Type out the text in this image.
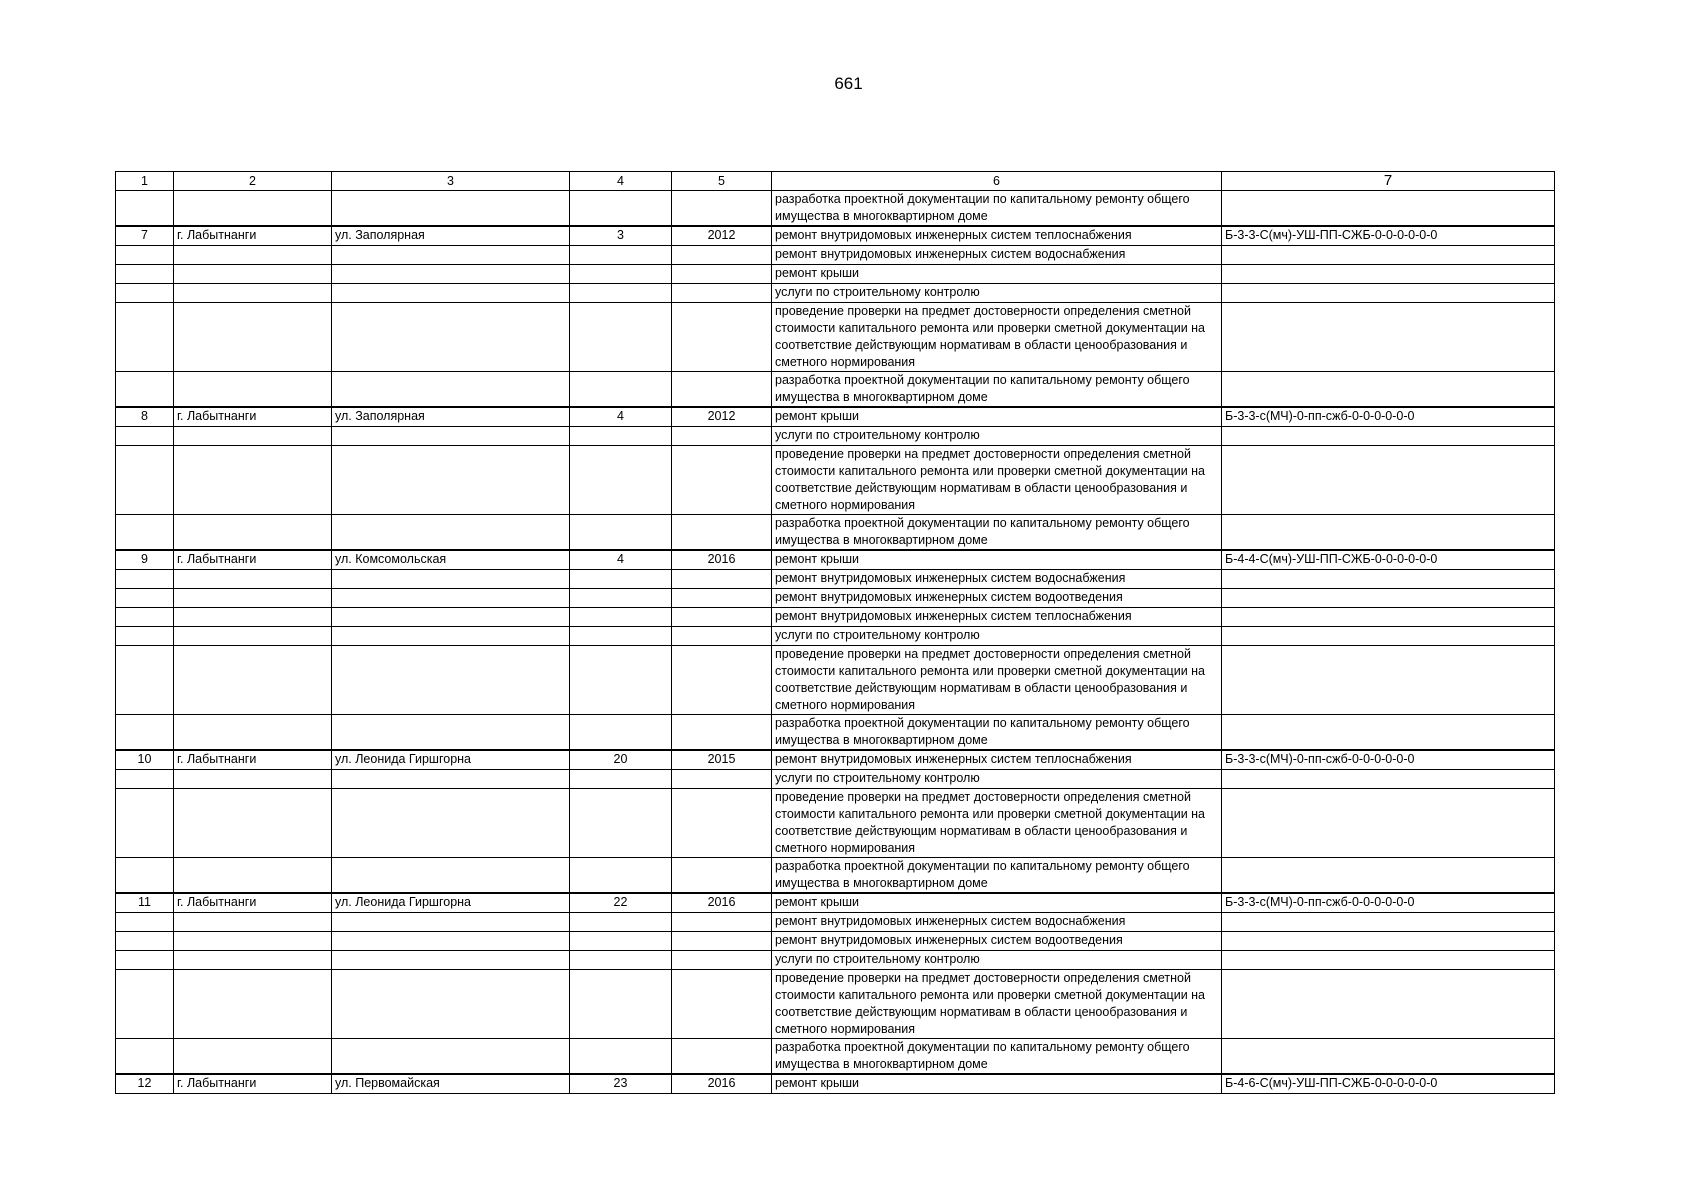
661
1	2	3	4	5	6	7
					разработка проектной документации по капитальному ремонту общего имущества в многоквартирном доме	
7	г. Лабытнанги	ул. Заполярная	3	2012	ремонт внутридомовых инженерных систем теплоснабжения	Б-3-3-С(мч)-УШ-ПП-СЖБ-0-0-0-0-0-0
					ремонт внутридомовых инженерных систем водоснабжения	
					ремонт крыши	
					услуги по строительному контролю	
					проведение проверки на предмет достоверности определения сметной стоимости капитального ремонта или проверки сметной документации на соответствие действующим нормативам в области ценообразования и сметного нормирования	
					разработка проектной документации по капитальному ремонту общего имущества в многоквартирном доме	
8	г. Лабытнанги	ул. Заполярная	4	2012	ремонт крыши	Б-3-3-с(МЧ)-0-пп-сжб-0-0-0-0-0-0
					услуги по строительному контролю	
					проведение проверки на предмет достоверности определения сметной стоимости капитального ремонта или проверки сметной документации на соответствие действующим нормативам в области ценообразования и сметного нормирования	
					разработка проектной документации по капитальному ремонту общего имущества в многоквартирном доме	
9	г. Лабытнанги	ул. Комсомольская	4	2016	ремонт крыши	Б-4-4-С(мч)-УШ-ПП-СЖБ-0-0-0-0-0-0
					ремонт внутридомовых инженерных систем водоснабжения	
					ремонт внутридомовых инженерных систем водоотведения	
					ремонт внутридомовых инженерных систем теплоснабжения	
					услуги по строительному контролю	
					проведение проверки на предмет достоверности определения сметной стоимости капитального ремонта или проверки сметной документации на соответствие действующим нормативам в области ценообразования и сметного нормирования	
					разработка проектной документации по капитальному ремонту общего имущества в многоквартирном доме	
10	г. Лабытнанги	ул. Леонида Гиршгорна	20	2015	ремонт внутридомовых инженерных систем теплоснабжения	Б-3-3-с(МЧ)-0-пп-сжб-0-0-0-0-0-0
					услуги по строительному контролю	
					проведение проверки на предмет достоверности определения сметной стоимости капитального ремонта или проверки сметной документации на соответствие действующим нормативам в области ценообразования и сметного нормирования	
					разработка проектной документации по капитальному ремонту общего имущества в многоквартирном доме	
11	г. Лабытнанги	ул. Леонида Гиршгорна	22	2016	ремонт крыши	Б-3-3-с(МЧ)-0-пп-сжб-0-0-0-0-0-0
					ремонт внутридомовых инженерных систем водоснабжения	
					ремонт внутридомовых инженерных систем водоотведения	
					услуги по строительному контролю	
					проведение проверки на предмет достоверности определения сметной стоимости капитального ремонта или проверки сметной документации на соответствие действующим нормативам в области ценообразования и сметного нормирования	
					разработка проектной документации по капитальному ремонту общего имущества в многоквартирном доме	
12	г. Лабытнанги	ул. Первомайская	23	2016	ремонт крыши	Б-4-6-С(мч)-УШ-ПП-СЖБ-0-0-0-0-0-0
